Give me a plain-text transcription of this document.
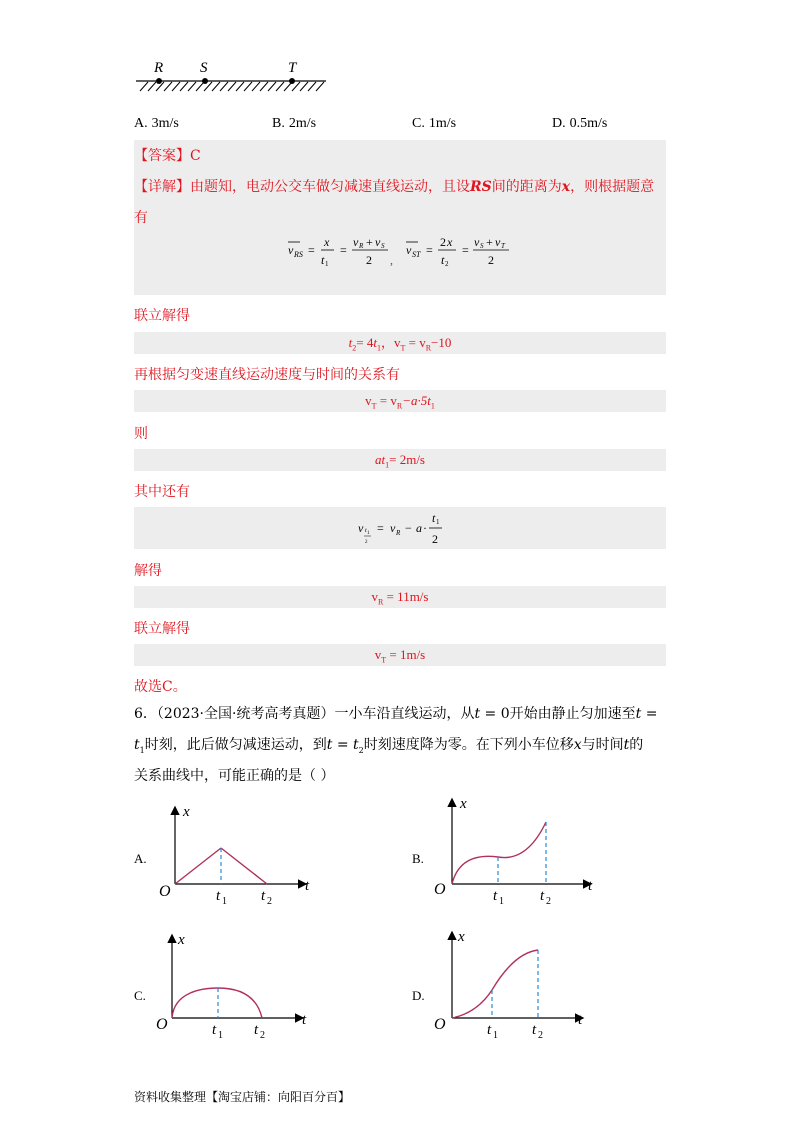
R S	T
A. 3m/s	B. 2m/s	C. 1m/s	D. 0.5m/s
【答案】C
【详解】由题知，电动公交车做匀减速直线运动，且设RS间的距离为x，则根据题意
有
v RS =
x
t 1
=
v R + v S
2 ,
v ST =
2 x
t 2
=
v S + v T
2
联立解得
$t_2= 4t_1$，$v_T = v_R-10$
再根据匀变速直线运动速度与时间的关系有
$v_T = v_R-a\cdot 5t_1$
则
$at_1= 2m/s$
其中还有
v t 1
2
= v R − a ·
t 1
2
解得
$v_R = 11m/s$
联立解得
$v_T = 1m/s$
故选C。
6．（2023·全国·统考高考真题）一小车沿直线运动，从t = 0开始由静止匀加速至t =
$t_1$时刻，此后做匀减速运动，到$t = t_2$时刻速度降为零。在下列小车位移x与时间t的
关系曲线中，可能正确的是（ ）
A.
x
t
O	t 1 t 2
B.
x
t
O	t 1 t 2
C.
x
t
O	t 1 t 2
D.
x
t
O	t 1 t 2
资料收集整理【淘宝店铺：向阳百分百】
